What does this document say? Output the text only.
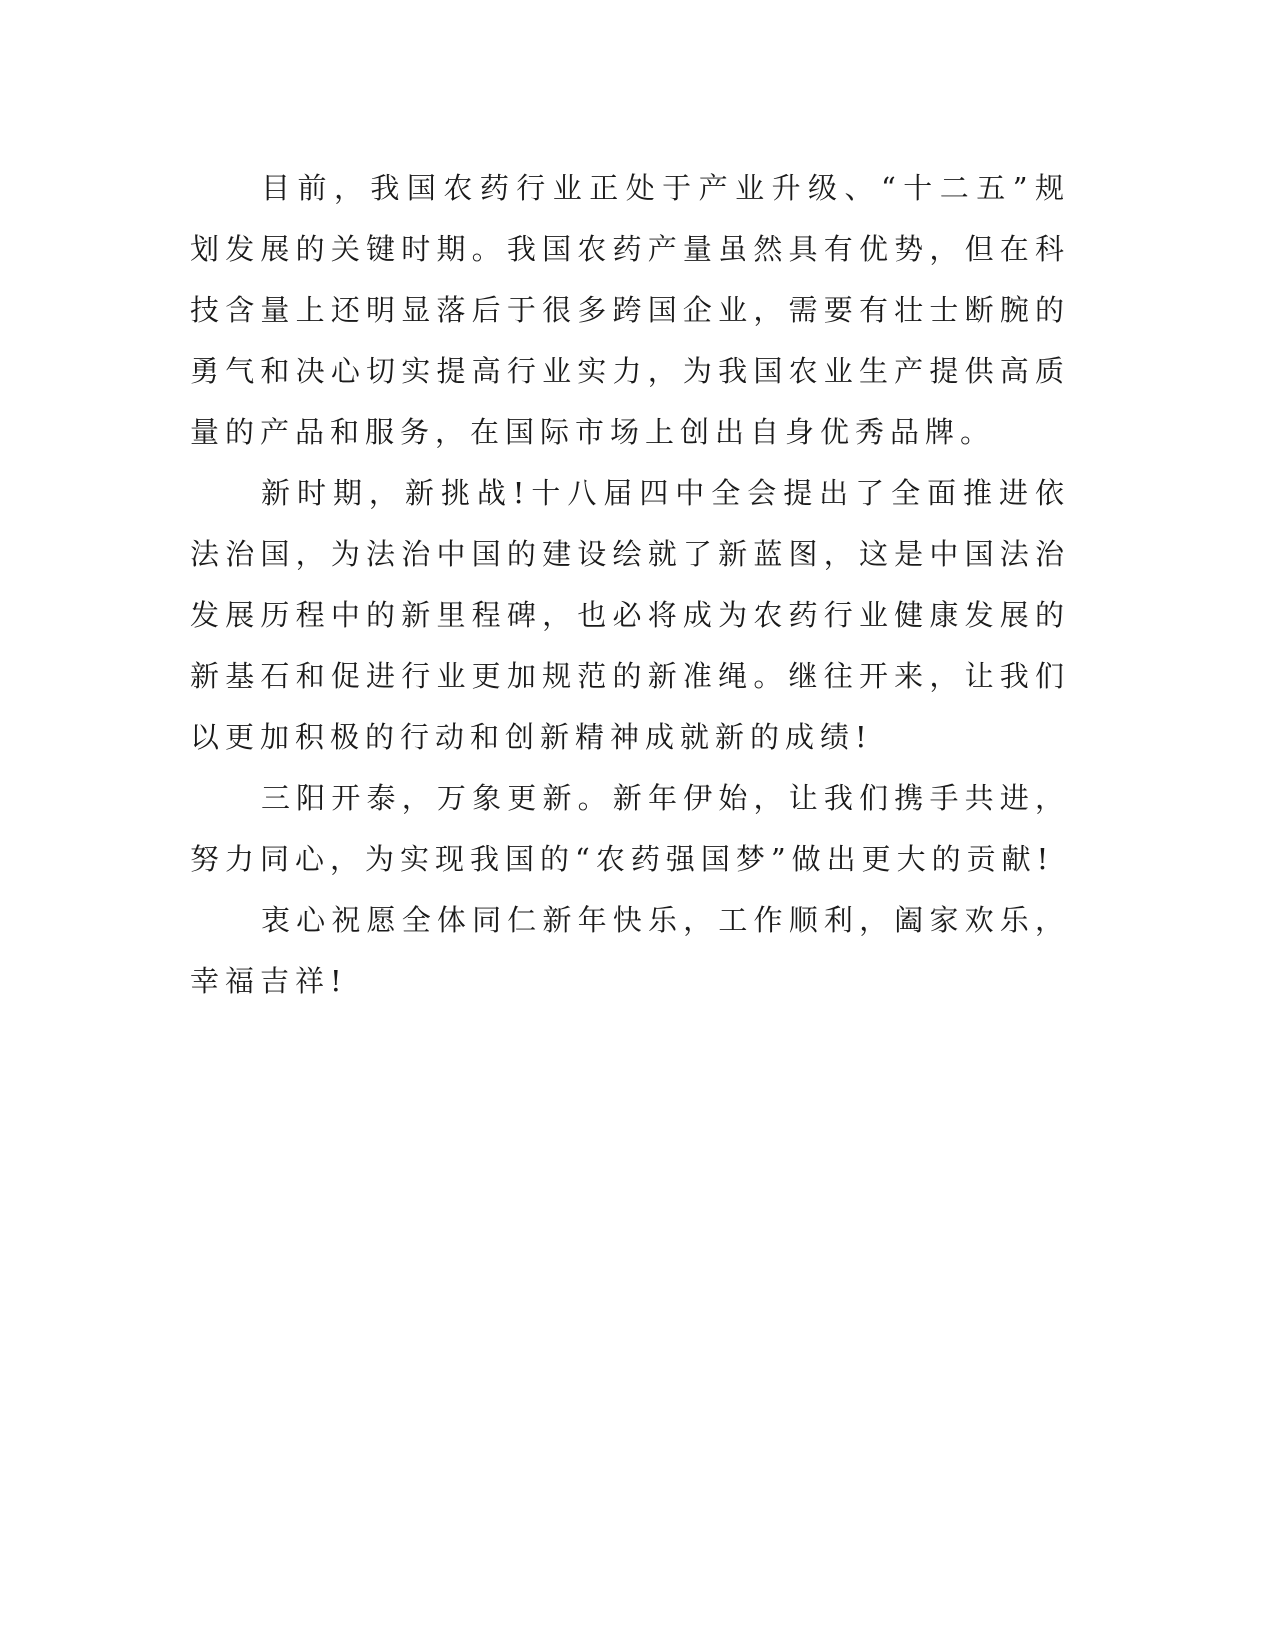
目前，我国农药行业正处于产业升级、“十二五”规划发展的关键时期。我国农药产量虽然具有优势，但在科技含量上还明显落后于很多跨国企业，需要有壮士断腕的勇气和决心切实提高行业实力，为我国农业生产提供高质量的产品和服务，在国际市场上创出自身优秀品牌。

新时期，新挑战!十八届四中全会提出了全面推进依法治国，为法治中国的建设绘就了新蓝图，这是中国法治发展历程中的新里程碑，也必将成为农药行业健康发展的新基石和促进行业更加规范的新准绳。继往开来，让我们以更加积极的行动和创新精神成就新的成绩!

三阳开泰，万象更新。新年伊始，让我们携手共进，努力同心，为实现我国的“农药强国梦”做出更大的贡献!

衷心祝愿全体同仁新年快乐，工作顺利，阖家欢乐，幸福吉祥!
